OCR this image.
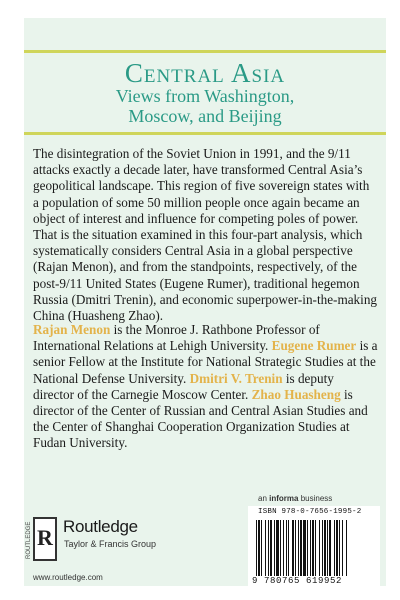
Central Asia
Views from Washington,
Moscow, and Beijing
The disintegration of the Soviet Union in 1991, and the 9/11 attacks exactly a decade later, have transformed Central Asia’s geopolitical landscape. This region of five sovereign states with a population of some 50 million people once again became an object of interest and influence for competing poles of power. That is the situation examined in this four-part analysis, which systematically considers Central Asia in a global perspective (Rajan Menon), and from the standpoints, respectively, of the post-9/11 United States (Eugene Rumer), traditional hegemon Russia (Dmitri Trenin), and economic superpower-in-the-making China (Huasheng Zhao).
Rajan Menon is the Monroe J. Rathbone Professor of International Relations at Lehigh University. Eugene Rumer is a senior Fellow at the Institute for National Strategic Studies at the National Defense University. Dmitri V. Trenin is deputy director of the Carnegie Moscow Center. Zhao Huasheng is director of the Center of Russian and Central Asian Studies and the Center of Shanghai Cooperation Organization Studies at Fudan University.
R
ROUTLEDGE Routledge
Taylor & Francis Group
www.routledge.com
an informa business
ISBN 978-0-7656-1995-2
9 780765 619952
